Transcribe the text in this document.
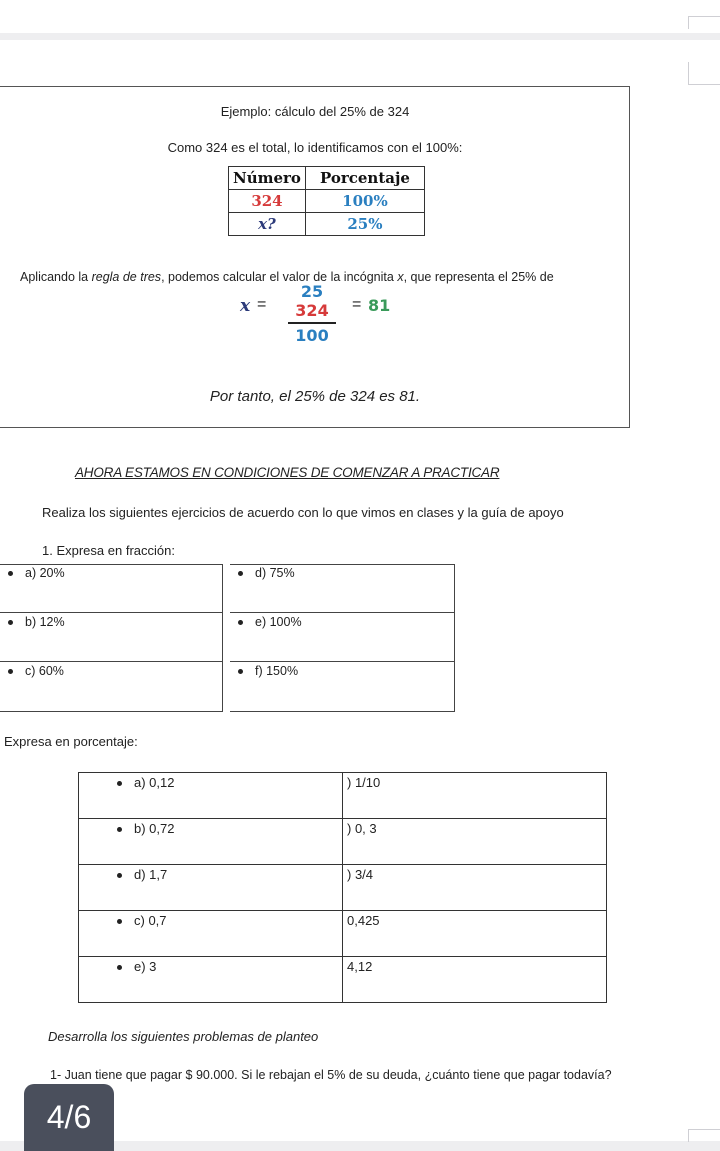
Ejemplo: cálculo del 25% de 324
Como 324 es el total, lo identificamos con el 100%:
Número	Porcentaje
324	100%
x?	25%
Aplicando la regla de tres, podemos calcular el valor de la incógnita x, que representa el 25% de
x =
25 324
100
= 81
Por tanto, el 25% de 324 es 81.
AHORA ESTAMOS EN CONDICIONES DE COMENZAR A PRACTICAR
Realiza los siguientes ejercicios de acuerdo con lo que vimos en clases y la guía de apoyo
1. Expresa en fracción:
a) 20%
b) 12%
c) 60%
d) 75%
e) 100%
f) 150%
Expresa en porcentaje:
a) 0,12	) 1/10

b) 0,72	) 0, 3

d) 1,7	) 3/4

c) 0,7	0,425

e) 3	4,12
Desarrolla los siguientes problemas de planteo
1- Juan tiene que pagar $ 90.000. Si le rebajan el 5% de su deuda, ¿cuánto tiene que pagar todavía?
4/6
